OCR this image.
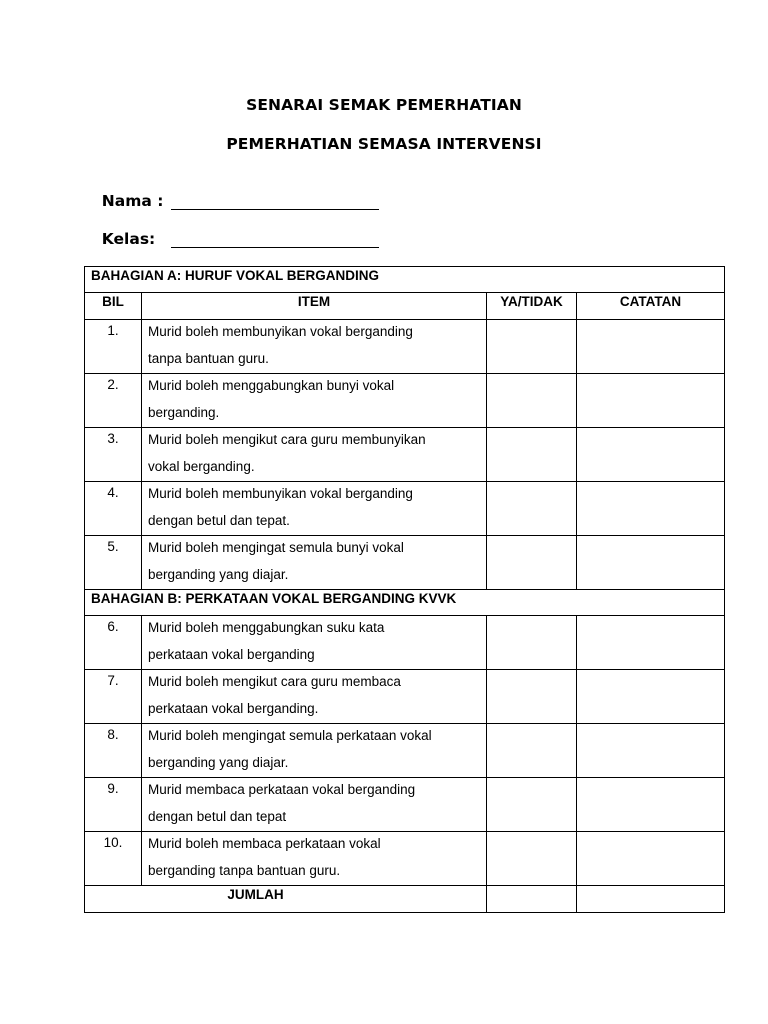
SENARAI SEMAK PEMERHATIAN
PEMERHATIAN SEMASA INTERVENSI

Nama :

Kelas:

BAHAGIAN A: HURUF VOKAL BERGANDING			
BIL	ITEM	YA/TIDAK	CATATAN
1.	Murid boleh membunyikan vokal berganding
tanpa bantuan guru.		

2.	Murid boleh menggabungkan bunyi vokal
berganding.		

3.	Murid boleh mengikut cara guru membunyikan
vokal berganding.		

4.	Murid boleh membunyikan vokal berganding
dengan betul dan tepat.		

5.	Murid boleh mengingat semula bunyi vokal
berganding yang diajar.		

BAHAGIAN B: PERKATAAN VOKAL BERGANDING KVVK			
6.	Murid boleh menggabungkan suku kata
perkataan vokal berganding		

7.	Murid boleh mengikut cara guru membaca
perkataan vokal berganding.		

8.	Murid boleh mengingat semula perkataan vokal
berganding yang diajar.		

9.	Murid membaca perkataan vokal berganding
dengan betul dan tepat		

10.	Murid boleh membaca perkataan vokal
berganding tanpa bantuan guru.		

JUMLAH			
